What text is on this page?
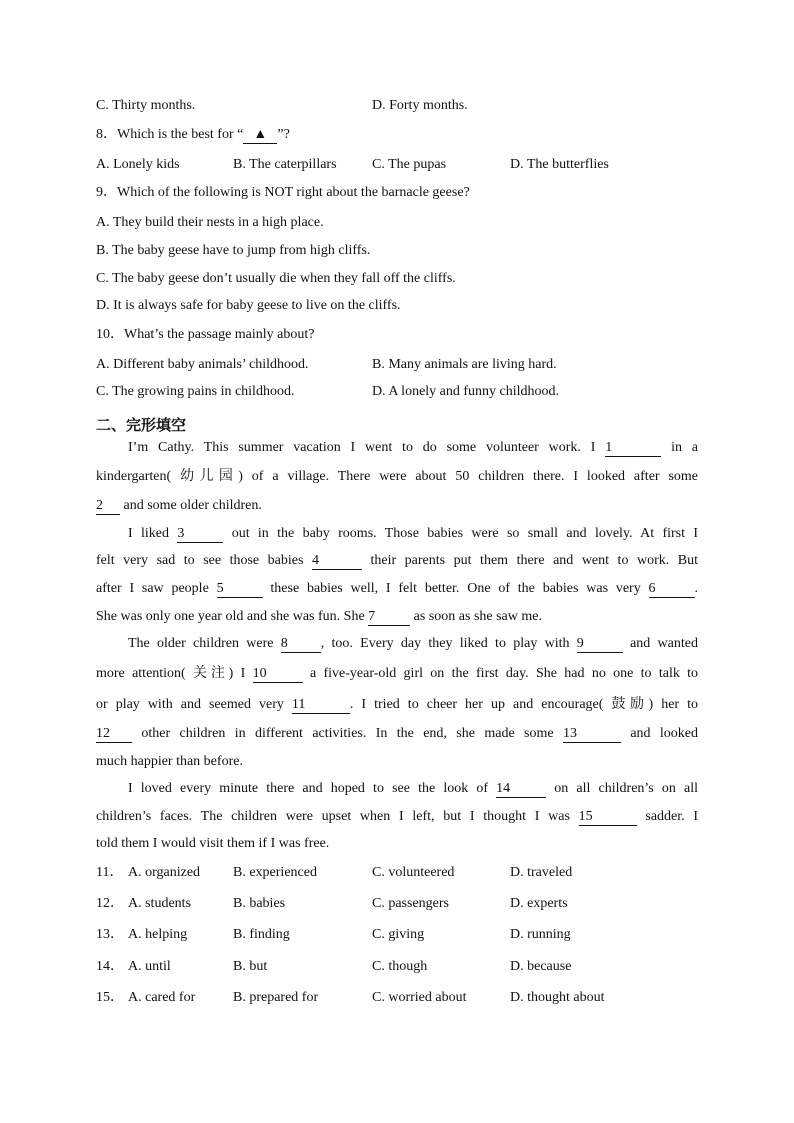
C. Thirty months.	D. Forty months.
8．Which is the best for “ ▲ ”?
A. Lonely kids	B. The caterpillars	C. The pupas	D. The butterflies
9．Which of the following is NOT right about the barnacle geese?
A. They build their nests in a high place.
B. The baby geese have to jump from high cliffs.
C. The baby geese don’t usually die when they fall off the cliffs.
D. It is always safe for baby geese to live on the cliffs.
10．What’s the passage mainly about?
A. Different baby animals’ childhood.	B. Many animals are living hard.
C. The growing pains in childhood.	D. A lonely and funny childhood.
二、完形填空
I’m Cathy. This summer vacation I went to do some volunteer work. I 1	in a
kindergarten( 幼儿园) of a village. There were about 50 children there. I looked after some
2 and some older children.
I liked 3	out in the baby rooms. Those babies were so small and lovely. At first I
felt very sad to see those babies 4	their parents put them there and went to work. But
after I saw people 5	these babies well, I felt better. One of the babies was very 6	.
She was only one year old and she was fun. She 7	as soon as she saw me.
The older children were 8 , too. Every day they liked to play with 9	and wanted
more attention( 关注) I 10	a five-year-old girl on the first day. She had no one to talk to
or play with and seemed very 11	. I tried to cheer her up and encourage( 鼓励) her to
12 other children in different activities. In the end, she made some 13	and looked
much happier than before.
I loved every minute there and hoped to see the look of 14	on all children’s on all
children’s faces. The children were upset when I left, but I thought I was 15	sadder. I
told them I would visit them if I was free.
11． A. organized B. experienced	C. volunteered	D. traveled
12． A. students	B. babies	C. passengers	D. experts
13． A. helping	B. finding	C. giving	D. running
14． A. until	B. but	C. though	D. because
15． A. cared for	B. prepared for	C. worried about	D. thought about
